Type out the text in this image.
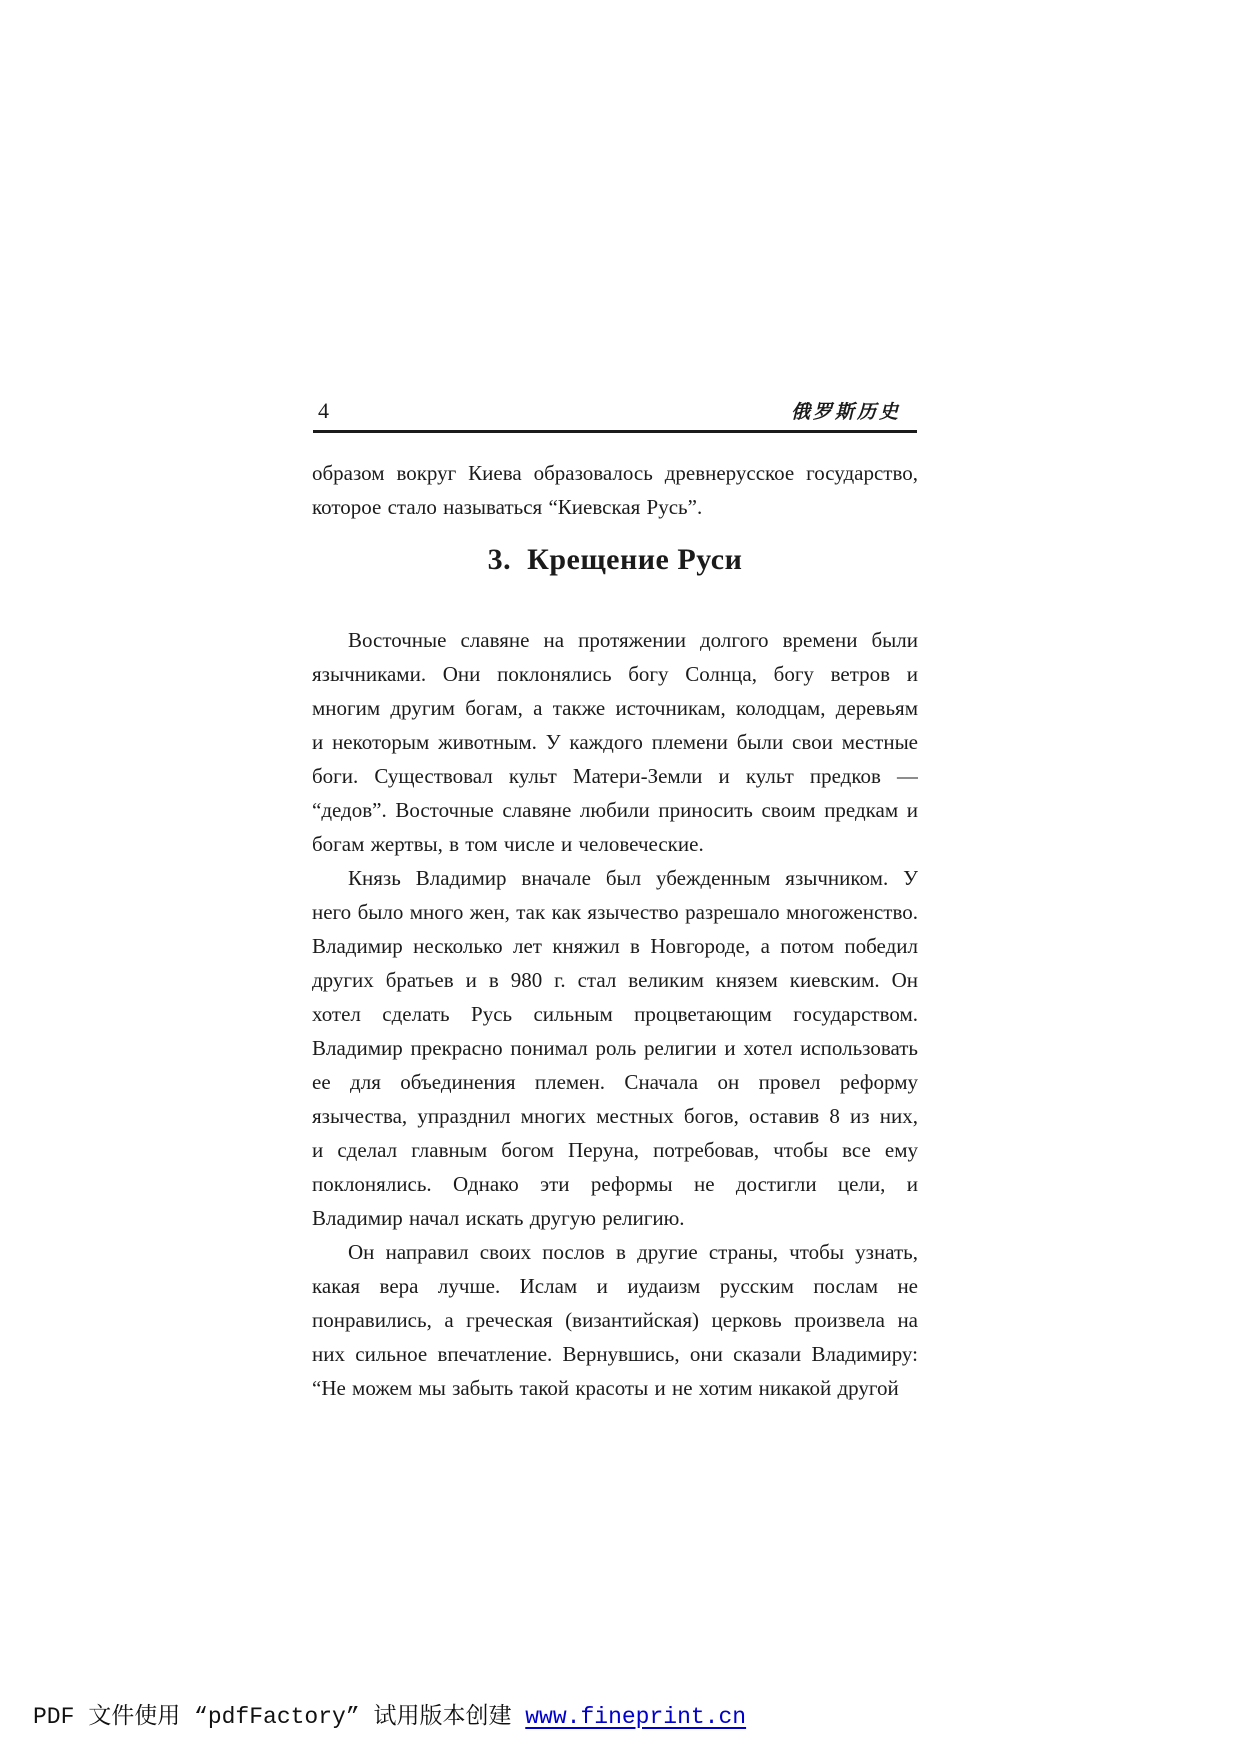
4	俄罗斯历史
образом вокруг Киева образовалось древнерусское государство,
которое стало называться “Киевская Русь”.
3. Крещение Руси
Восточные славяне на протяжении долгого времени были
язычниками. Они поклонялись богу Солнца, богу ветров и
многим другим богам, а также источникам, колодцам, деревьям
и некоторым животным. У каждого племени были свои местные
боги. Существовал культ Матери-Земли и культ предков —
“дедов”. Восточные славяне любили приносить своим предкам и
богам жертвы, в том числе и человеческие.
Князь Владимир вначале был убежденным язычником. У
него было много жен, так как язычество разрешало многоженство.
Владимир несколько лет княжил в Новгороде, а потом победил
других братьев и в 980 г. стал великим князем киевским. Он
хотел сделать Русь сильным процветающим государством.
Владимир прекрасно понимал роль религии и хотел использовать
ее для объединения племен. Сначала он провел реформу
язычества, упразднил многих местных богов, оставив 8 из них,
и сделал главным богом Перуна, потребовав, чтобы все ему
поклонялись. Однако эти реформы не достигли цели, и
Владимир начал искать другую религию.
Он направил своих послов в другие страны, чтобы узнать,
какая вера лучше. Ислам и иудаизм русским послам не
понравились, а греческая (византийская) церковь произвела на
них сильное впечатление. Вернувшись, они сказали Владимиру:
“Не можем мы забыть такой красоты и не хотим никакой другой
PDF 文件使用 “pdfFactory” 试用版本创建 www.fineprint.cn
